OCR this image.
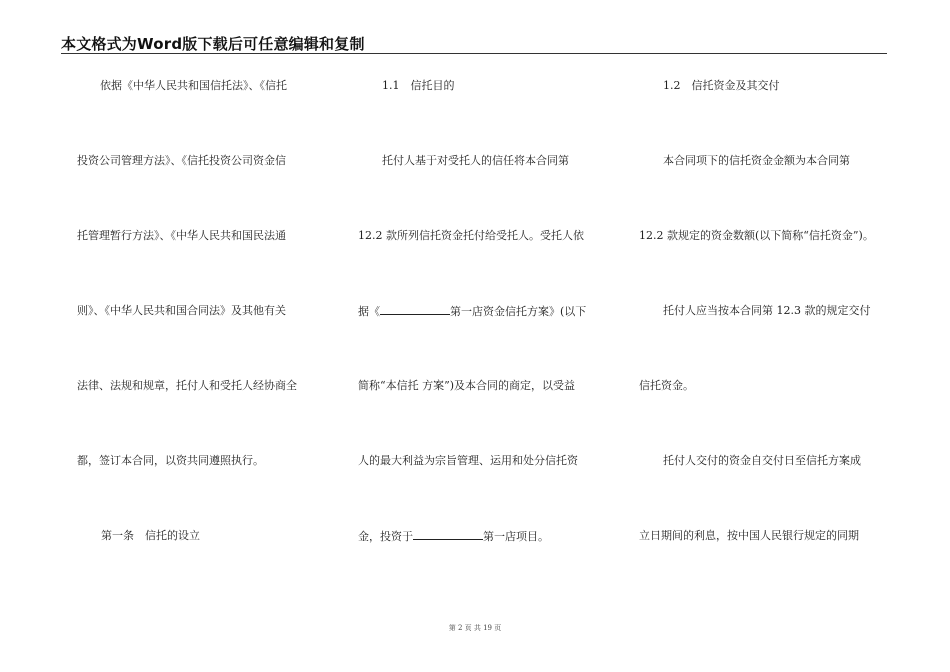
本文格式为Word版下载后可任意编辑和复制
依据《中华人民共和国信托法》、《信托
投资公司管理方法》、《信托投资公司资金信
托管理暂行方法》、《中华人民共和国民法通
则》、《中华人民共和国合同法》及其他有关
法律、法规和规章，托付人和受托人经协商全
都，签订本合同，以资共同遵照执行。
第一条　信托的设立
1.1　信托目的
托付人基于对受托人的信任将本合同第
12.2 款所列信托资金托付给受托人。受托人依
据《	第一店资金信托方案》(以下
简称“本信托 方案”)及本合同的商定，以受益
人的最大利益为宗旨管理、运用和处分信托资
金，投资于	第一店项目。
1.2　信托资金及其交付
本合同项下的信托资金金额为本合同第
12.2 款规定的资金数额(以下简称“信托资金”)。
托付人应当按本合同第 12.3 款的规定交付
信托资金。
托付人交付的资金自交付日至信托方案成
立日期间的利息，按中国人民银行规定的同期
第 2 页 共 19 页
